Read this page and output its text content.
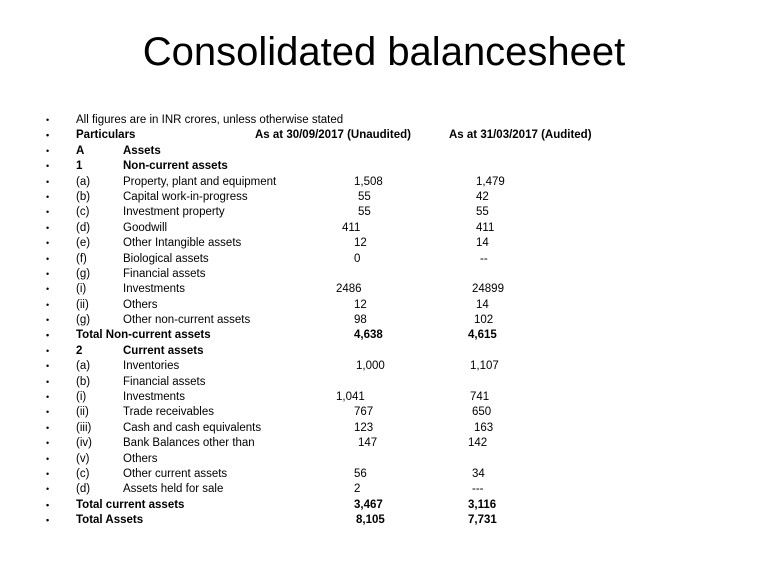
Consolidated balancesheet
• All figures are in INR crores, unless otherwise stated
• Particulars	As at 30/09/2017 (Unaudited)	As at 31/03/2017 (Audited)
• A	Assets
• 1	Non-current assets
• (a)	Property, plant and equipment	1,508	1,479
• (b)	Capital work-in-progress	55	42
• (c)	Investment property	55	55
• (d)	Goodwill	411	411
• (e)	Other Intangible assets	12	14
• (f)	Biological assets	0	--
• (g)	Financial assets
• (i)	Investments	2486	24899
• (ii)	Others	12	14
• (g)	Other non-current assets	98	102
• Total Non-current assets	4,638	4,615
• 2	Current assets
• (a)	Inventories	1,000	1,107
• (b)	Financial assets
• (i)	Investments	1,041	741
• (ii)	Trade receivables	767	650
• (iii)	Cash and cash equivalents	123	163
• (iv)	Bank Balances other than	147	142
• (v)	Others
• (c)	Other current assets	56	34
• (d)	Assets held for sale	2	---
• Total current assets	3,467	3,116
• Total Assets	8,105	7,731
